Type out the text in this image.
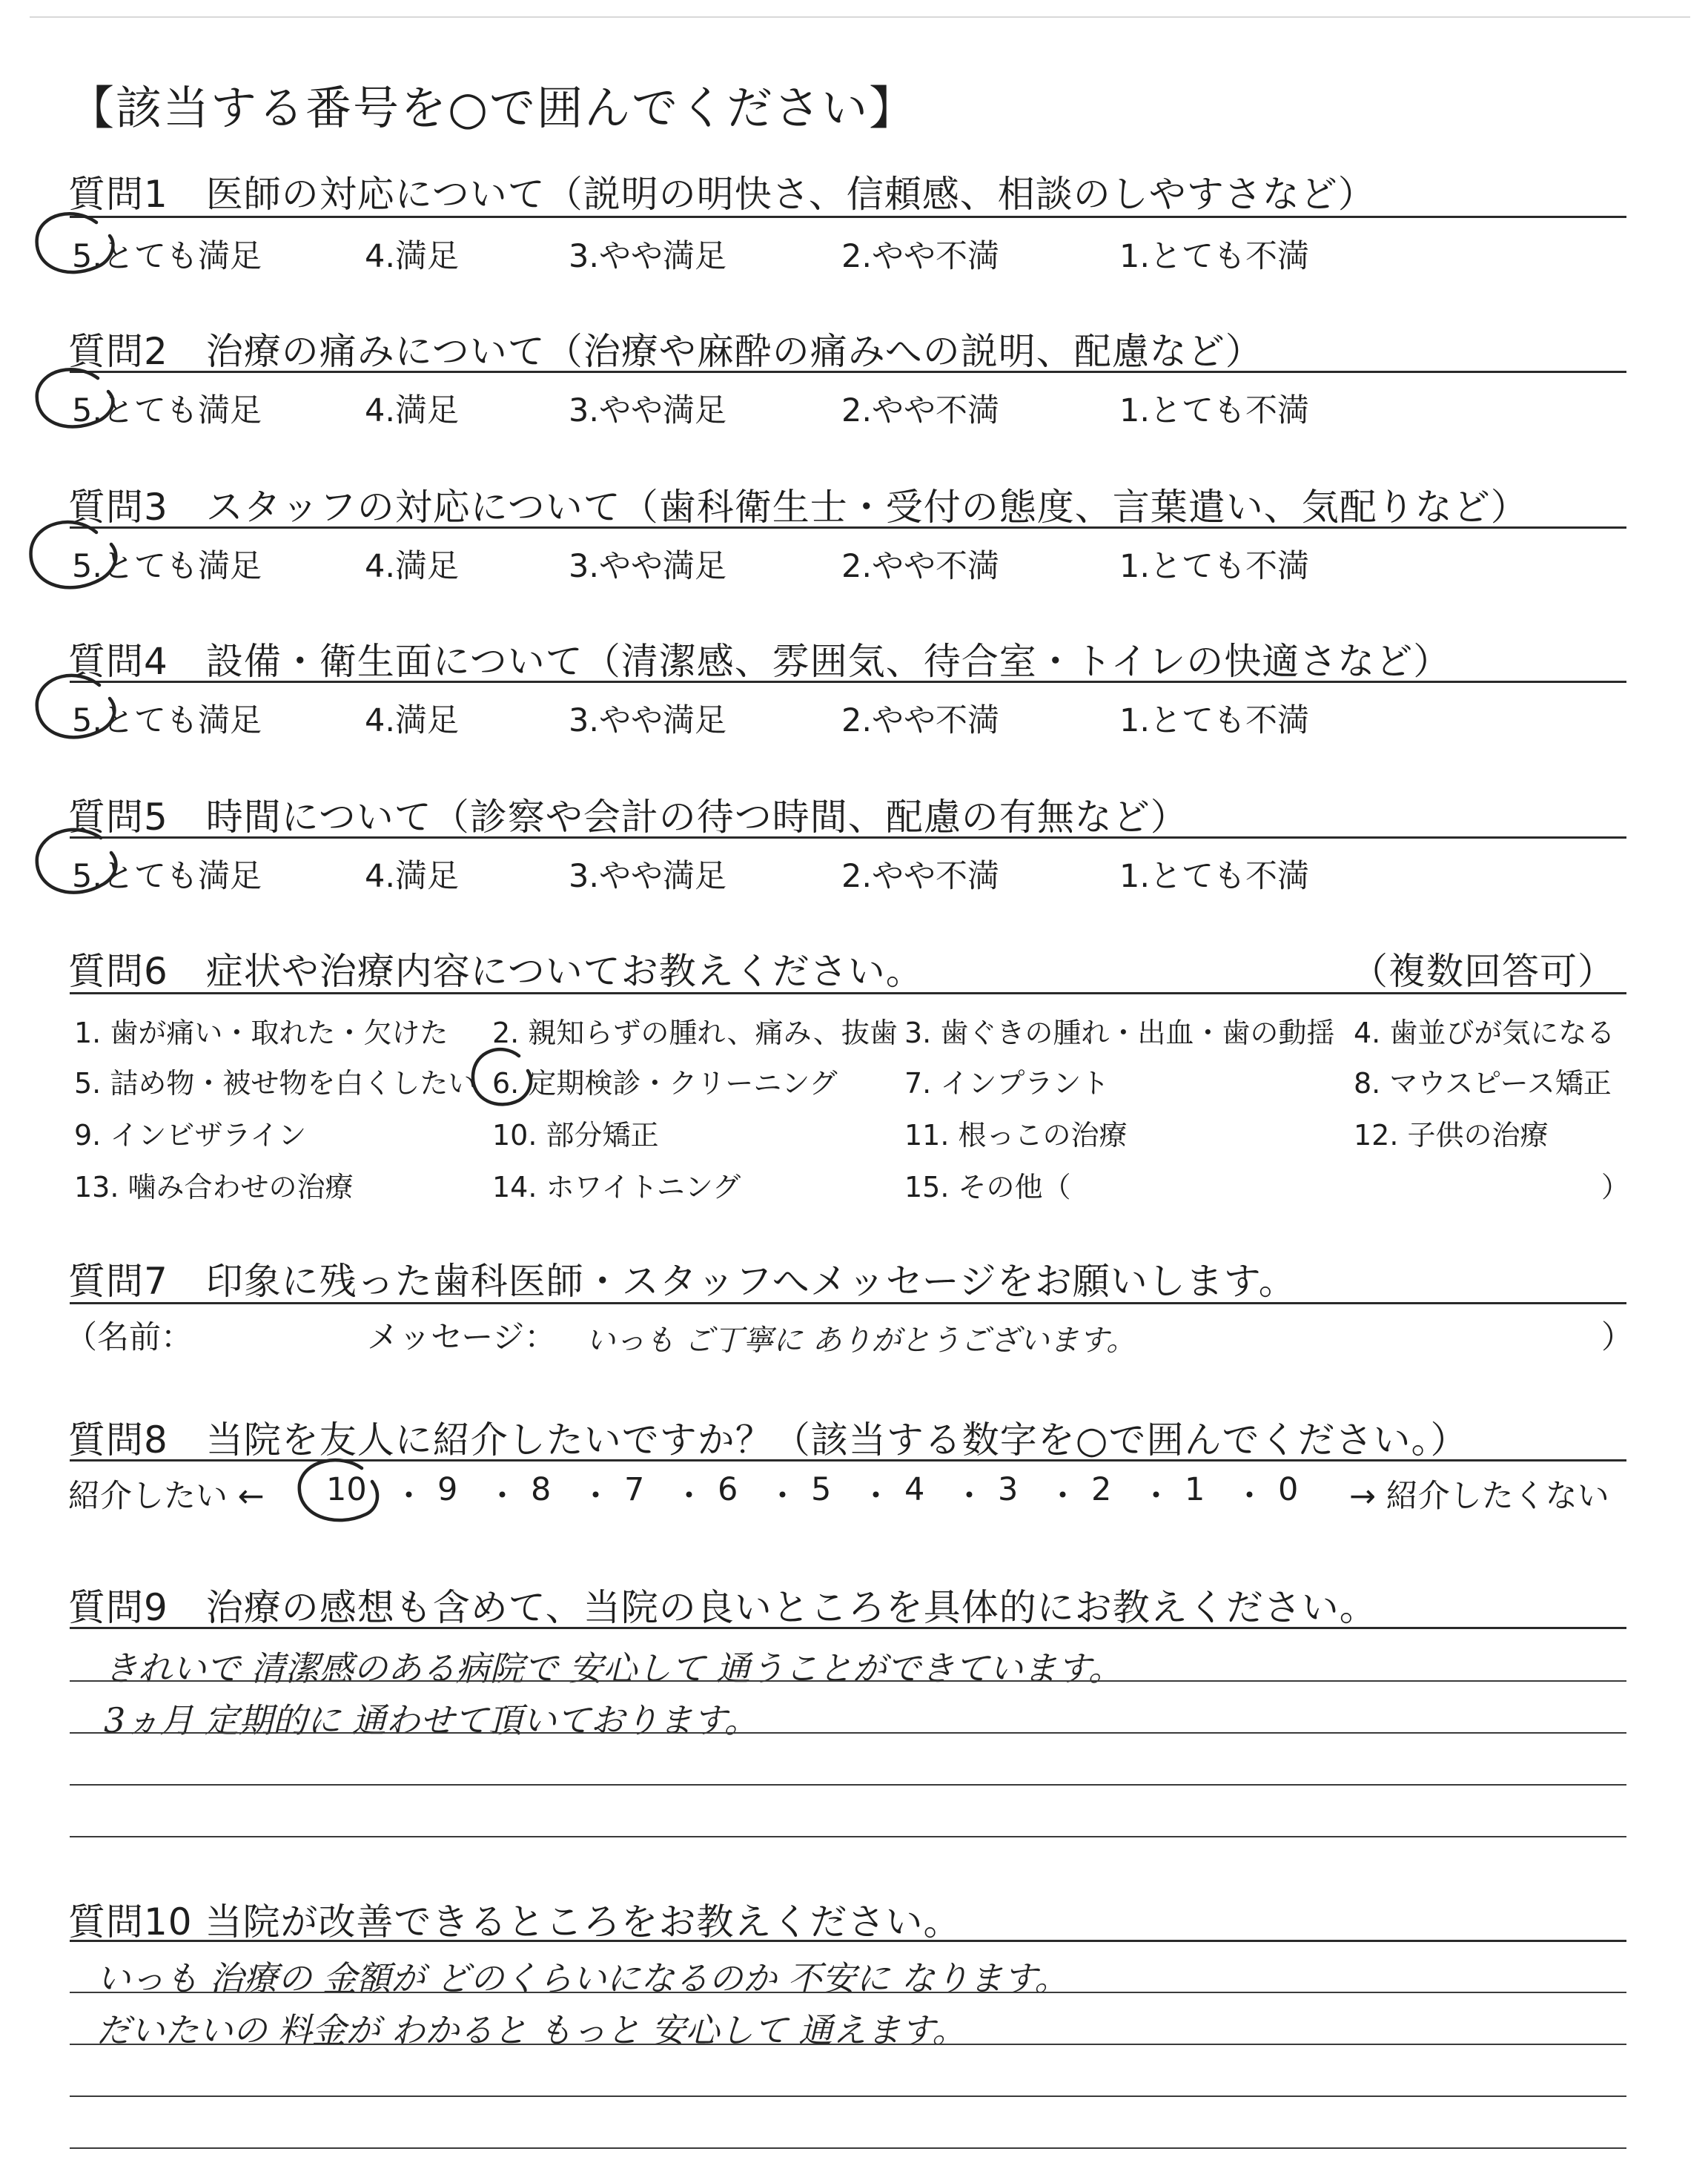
【該当する番号を○で囲んでください】
質問1　医師の対応について（説明の明快さ、信頼感、相談のしやすさなど）
5.とても満足	4.満足	3.やや満足	2.やや不満	1.とても不満
質問2　治療の痛みについて（治療や麻酔の痛みへの説明、配慮など）
5.とても満足	4.満足	3.やや満足	2.やや不満	1.とても不満
質問3　スタッフの対応について（歯科衛生士・受付の態度、言葉遣い、気配りなど）
5.とても満足	4.満足	3.やや満足	2.やや不満	1.とても不満
質問4　設備・衛生面について（清潔感、雰囲気、待合室・トイレの快適さなど）
5.とても満足	4.満足	3.やや満足	2.やや不満	1.とても不満
質問5　時間について（診察や会計の待つ時間、配慮の有無など）
5.とても満足	4.満足	3.やや満足	2.やや不満	1.とても不満
質問6　症状や治療内容についてお教えください。	（複数回答可）
1. 歯が痛い・取れた・欠けた 2. 親知らずの腫れ、痛み、抜歯 3. 歯ぐきの腫れ・出血・歯の動揺 4. 歯並びが気になる
5. 詰め物・被せ物を白くしたい 6. 定期検診・クリーニング 7. インプラント	8. マウスピース矯正
9. インビザライン	10. 部分矯正	11. 根っこの治療	12. 子供の治療
13. 噛み合わせの治療	14. ホワイトニング	15. その他（	）
質問7　印象に残った歯科医師・スタッフへメッセージをお願いします。
（名前：	メッセージ： いっも ご丁寧に ありがとうございます。	）
質問8　当院を友人に紹介したいですか？（該当する数字を○で囲んでください。）
紹介したい ← 10 9 8 7 6 5 4 3 2 1 0
・ ・ ・ ・ ・ ・ ・ ・ ・ ・	→ 紹介したくない
質問9　治療の感想も含めて、当院の良いところを具体的にお教えください。
きれいで 清潔感のある病院で 安心して 通うことができています。
3ヵ月 定期的に 通わせて頂いております。
質問10 当院が改善できるところをお教えください。
いっも 治療の 金額が どのくらいになるのか 不安に なります。
だいたいの 料金が わかると もっと 安心して 通えます。
